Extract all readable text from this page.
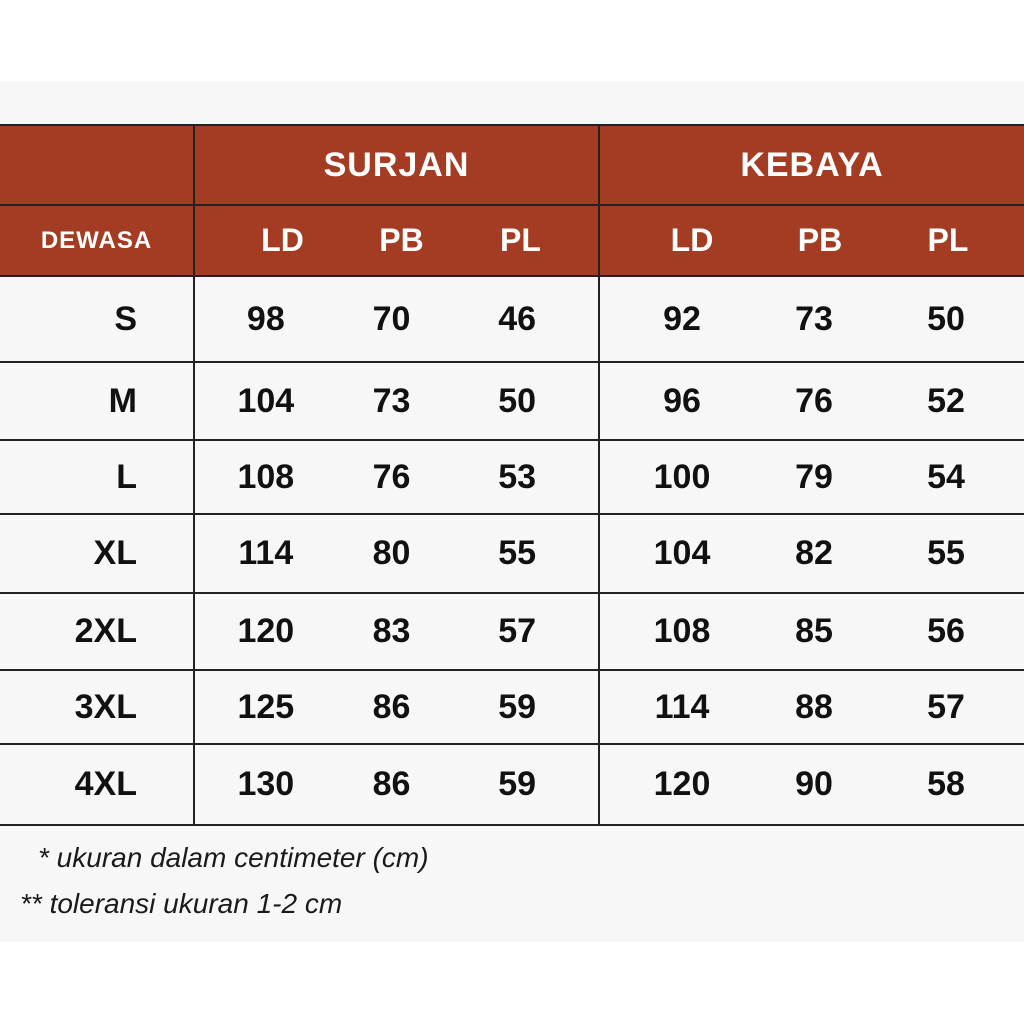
SURJAN	KEBAYA
DEWASA	LD	PB	PL	LD	PB	PL
S	98	70	46	92	73	50
M	104	73	50	96	76	52
L	108	76	53	100	79	54
XL	114	80	55	104	82	55
2XL	120	83	57	108	85	56
3XL	125	86	59	114	88	57
4XL	130	86	59	120	90	58
* ukuran dalam centimeter (cm)
** toleransi ukuran 1-2 cm
